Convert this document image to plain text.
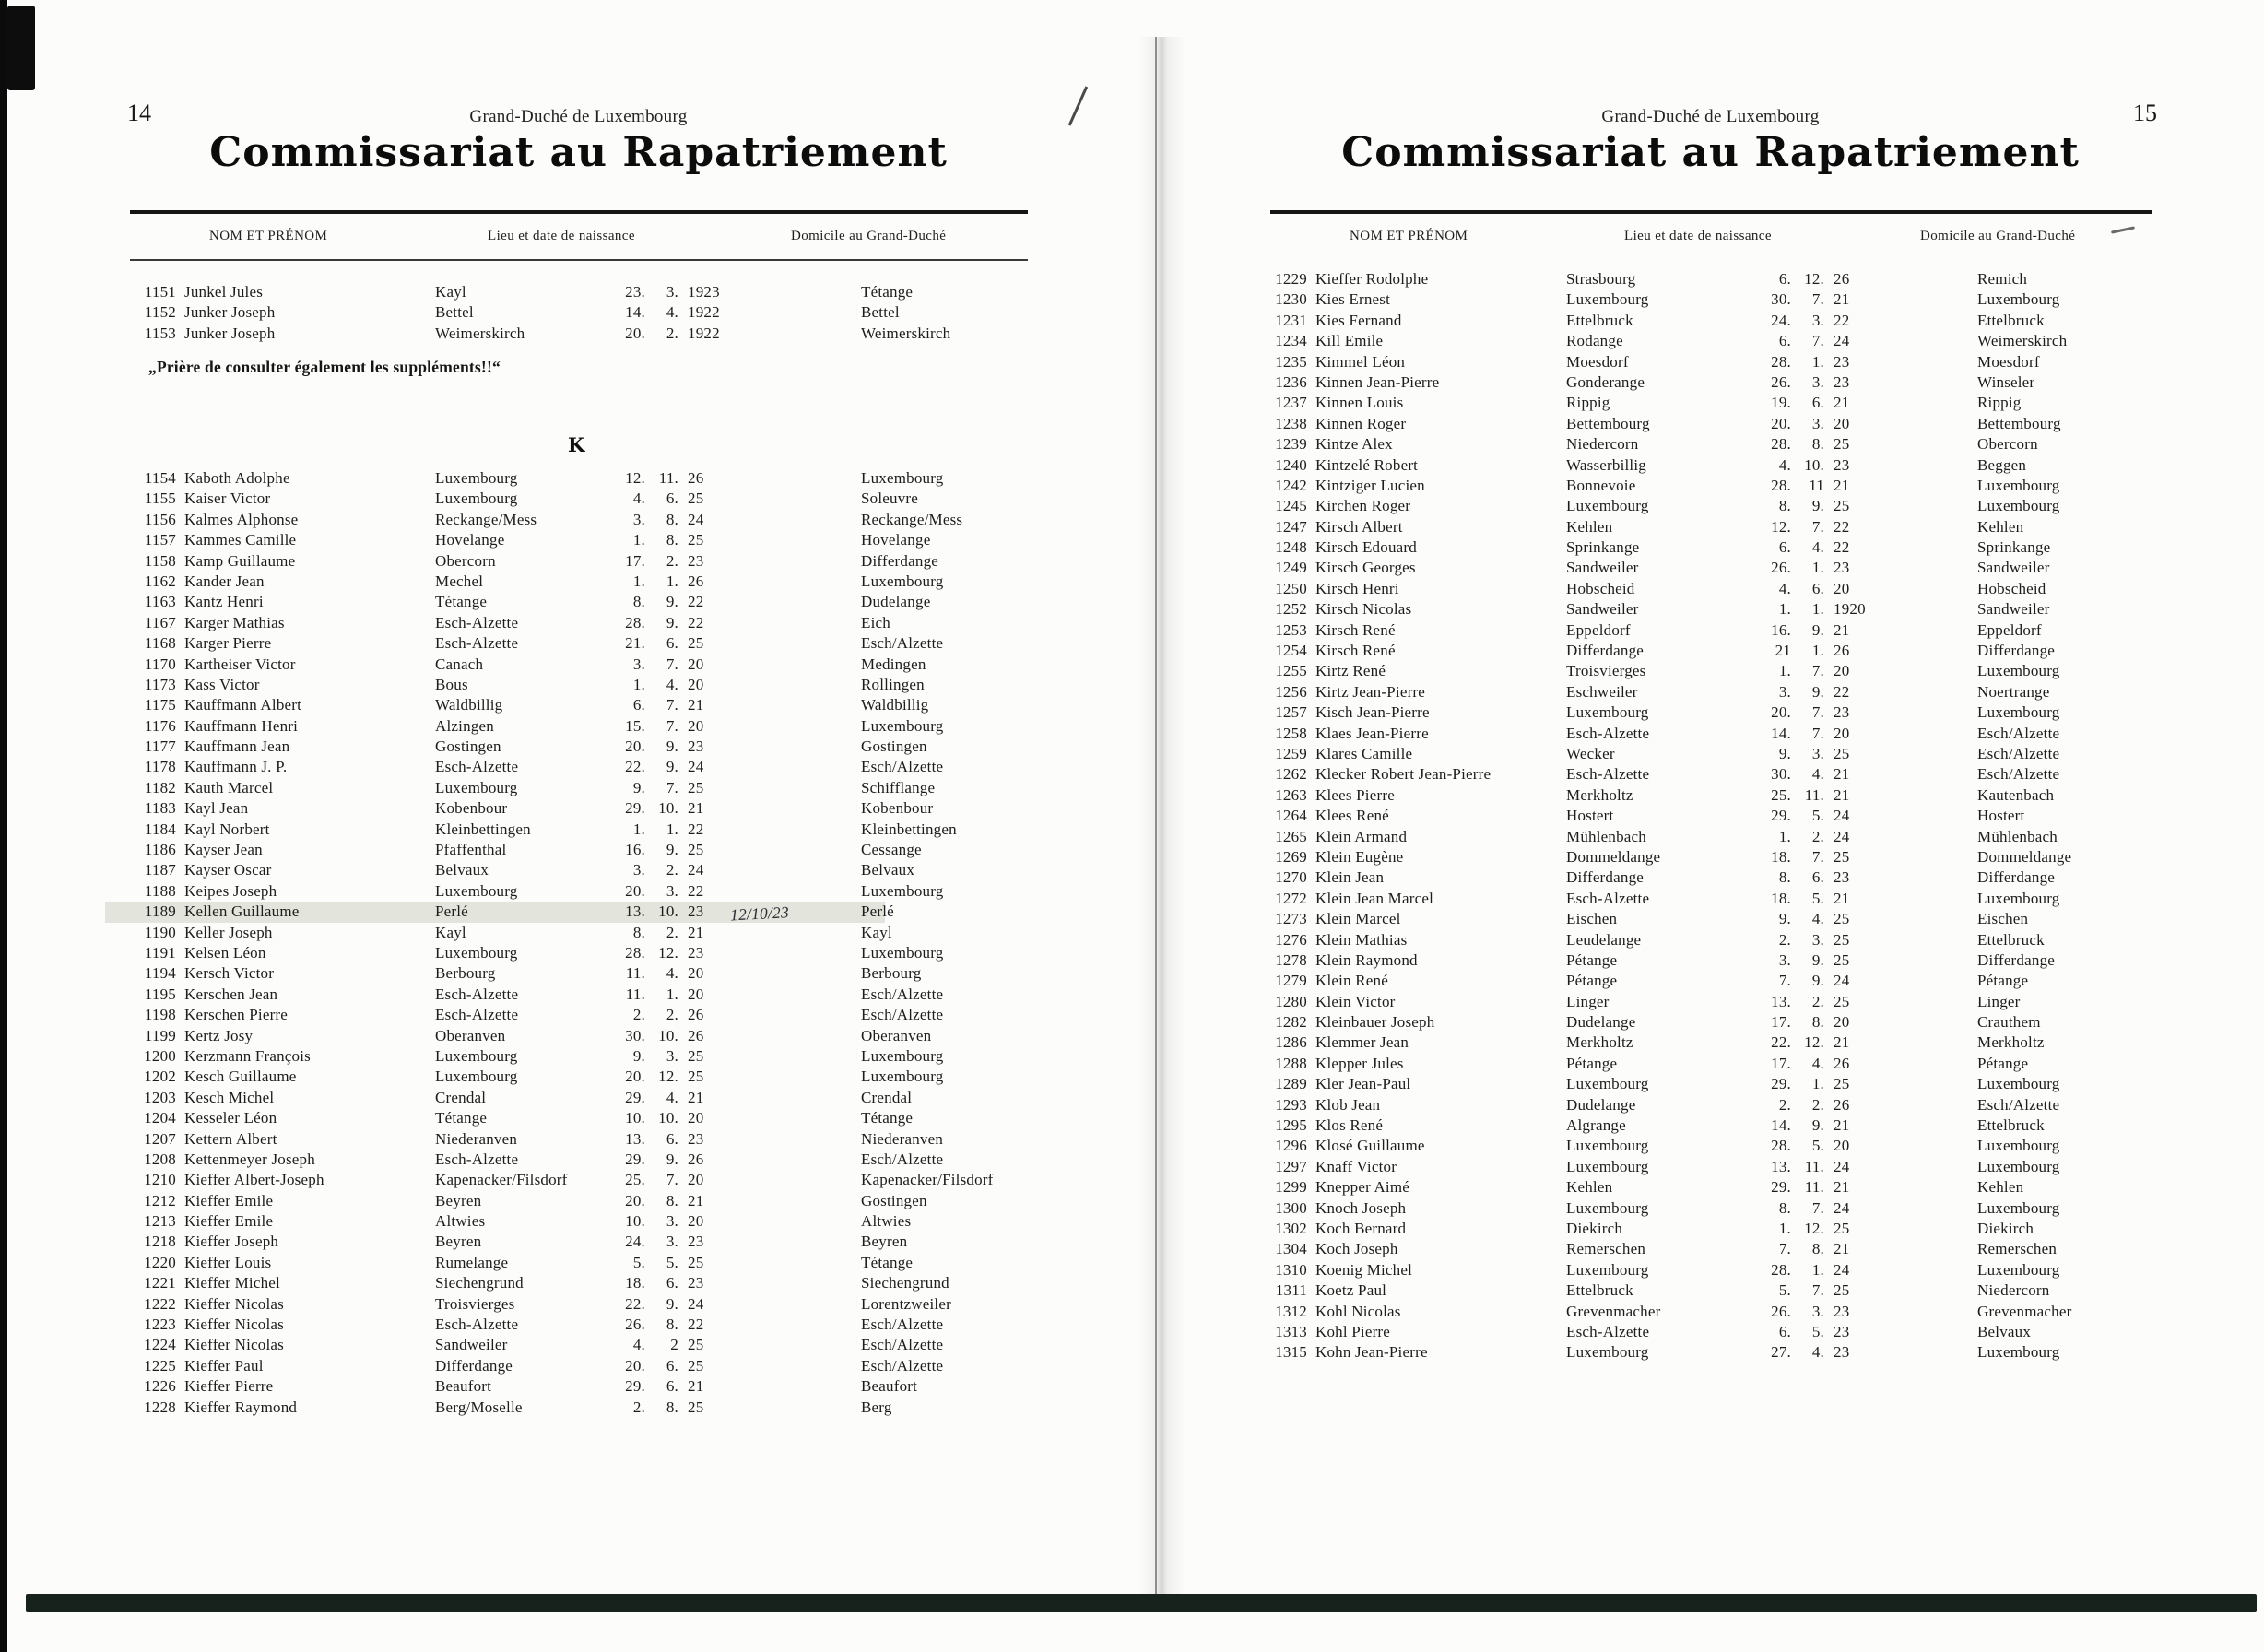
14	Grand-Duché de Luxembourg
Commissariat au Rapatriement
NOM ET PRÉNOM	Lieu et date de naissance	Domicile au Grand-Duché
1151 Junkel Jules	Kayl	23.	3. 1923	Tétange
1152 Junker Joseph	Bettel	14.	4. 1922	Bettel
1153 Junker Joseph	Weimerskirch	20.	2. 1922	Weimerskirch

„Prière de consulter également les suppléments!!“

K
1154 Kaboth Adolphe	Luxembourg	12. 11. 26	Luxembourg
1155 Kaiser Victor	Luxembourg	4.	6. 25	Soleuvre
1156 Kalmes Alphonse	Reckange/Mess	3.	8. 24	Reckange/Mess
1157 Kammes Camille	Hovelange	1.	8. 25	Hovelange
1158 Kamp Guillaume	Obercorn	17.	2. 23	Differdange
1162 Kander Jean	Mechel	1.	1. 26	Luxembourg
1163 Kantz Henri	Tétange	8.	9. 22	Dudelange
1167 Karger Mathias	Esch-Alzette	28.	9. 22	Eich
1168 Karger Pierre	Esch-Alzette	21.	6. 25	Esch/Alzette
1170 Kartheiser Victor	Canach	3.	7. 20	Medingen
1173 Kass Victor	Bous	1.	4. 20	Rollingen
1175 Kauffmann Albert	Waldbillig	6.	7. 21	Waldbillig
1176 Kauffmann Henri	Alzingen	15.	7. 20	Luxembourg
1177 Kauffmann Jean	Gostingen	20.	9. 23	Gostingen
1178 Kauffmann J. P.	Esch-Alzette	22.	9. 24	Esch/Alzette
1182 Kauth Marcel	Luxembourg	9.	7. 25	Schifflange
1183 Kayl Jean	Kobenbour	29. 10. 21	Kobenbour
1184 Kayl Norbert	Kleinbettingen	1.	1. 22	Kleinbettingen
1186 Kayser Jean	Pfaffenthal	16.	9. 25	Cessange
1187 Kayser Oscar	Belvaux	3.	2. 24	Belvaux
1188 Keipes Joseph	Luxembourg	20.	3. 22	Luxembourg
1189 Kellen Guillaume	Perlé	13. 10. 23	12/10/23	Perlé
1190 Keller Joseph	Kayl	8.	2. 21	Kayl
1191 Kelsen Léon	Luxembourg	28. 12. 23	Luxembourg
1194 Kersch Victor	Berbourg	11.	4. 20	Berbourg
1195 Kerschen Jean	Esch-Alzette	11.	1. 20	Esch/Alzette
1198 Kerschen Pierre	Esch-Alzette	2.	2. 26	Esch/Alzette
1199 Kertz Josy	Oberanven	30. 10. 26	Oberanven
1200 Kerzmann François	Luxembourg	9.	3. 25	Luxembourg
1202 Kesch Guillaume	Luxembourg	20. 12. 25	Luxembourg
1203 Kesch Michel	Crendal	29.	4. 21	Crendal
1204 Kesseler Léon	Tétange	10. 10. 20	Tétange
1207 Kettern Albert	Niederanven	13.	6. 23	Niederanven
1208 Kettenmeyer Joseph	Esch-Alzette	29.	9. 26	Esch/Alzette
1210 Kieffer Albert-Joseph	Kapenacker/Filsdorf	25.	7. 20	Kapenacker/Filsdorf
1212 Kieffer Emile	Beyren	20.	8. 21	Gostingen
1213 Kieffer Emile	Altwies	10.	3. 20	Altwies
1218 Kieffer Joseph	Beyren	24.	3. 23	Beyren
1220 Kieffer Louis	Rumelange	5.	5. 25	Tétange
1221 Kieffer Michel	Siechengrund	18.	6. 23	Siechengrund
1222 Kieffer Nicolas	Troisvierges	22.	9. 24	Lorentzweiler
1223 Kieffer Nicolas	Esch-Alzette	26.	8. 22	Esch/Alzette
1224 Kieffer Nicolas	Sandweiler	4.	2 25	Esch/Alzette
1225 Kieffer Paul	Differdange	20.	6. 25	Esch/Alzette
1226 Kieffer Pierre	Beaufort	29.	6. 21	Beaufort
1228 Kieffer Raymond	Berg/Moselle	2.	8. 25	Berg
15
Grand-Duché de Luxembourg
Commissariat au Rapatriement
NOM ET PRÉNOM	Lieu et date de naissance	Domicile au Grand-Duché
1229 Kieffer Rodolphe	Strasbourg	6. 12. 26	Remich
1230 Kies Ernest	Luxembourg	30.	7. 21	Luxembourg
1231 Kies Fernand	Ettelbruck	24.	3. 22	Ettelbruck
1234 Kill Emile	Rodange	6.	7. 24	Weimerskirch
1235 Kimmel Léon	Moesdorf	28.	1. 23	Moesdorf
1236 Kinnen Jean-Pierre	Gonderange	26.	3. 23	Winseler
1237 Kinnen Louis	Rippig	19.	6. 21	Rippig
1238 Kinnen Roger	Bettembourg	20.	3. 20	Bettembourg
1239 Kintze Alex	Niedercorn	28.	8. 25	Obercorn
1240 Kintzelé Robert	Wasserbillig	4. 10. 23	Beggen
1242 Kintziger Lucien	Bonnevoie	28.	11 21	Luxembourg
1245 Kirchen Roger	Luxembourg	8.	9. 25	Luxembourg
1247 Kirsch Albert	Kehlen	12.	7. 22	Kehlen
1248 Kirsch Edouard	Sprinkange	6.	4. 22	Sprinkange
1249 Kirsch Georges	Sandweiler	26.	1. 23	Sandweiler
1250 Kirsch Henri	Hobscheid	4.	6. 20	Hobscheid
1252 Kirsch Nicolas	Sandweiler	1.	1. 1920	Sandweiler
1253 Kirsch René	Eppeldorf	16.	9. 21	Eppeldorf
1254 Kirsch René	Differdange	21	1. 26	Differdange
1255 Kirtz René	Troisvierges	1.	7. 20	Luxembourg
1256 Kirtz Jean-Pierre	Eschweiler	3.	9. 22	Noertrange
1257 Kisch Jean-Pierre	Luxembourg	20.	7. 23	Luxembourg
1258 Klaes Jean-Pierre	Esch-Alzette	14.	7. 20	Esch/Alzette
1259 Klares Camille	Wecker	9.	3. 25	Esch/Alzette
1262 Klecker Robert Jean-Pierre	Esch-Alzette	30.	4. 21	Esch/Alzette
1263 Klees Pierre	Merkholtz	25. 11. 21	Kautenbach
1264 Klees René	Hostert	29.	5. 24	Hostert
1265 Klein Armand	Mühlenbach	1.	2. 24	Mühlenbach
1269 Klein Eugène	Dommeldange	18.	7. 25	Dommeldange
1270 Klein Jean	Differdange	8.	6. 23	Differdange
1272 Klein Jean Marcel	Esch-Alzette	18.	5. 21	Luxembourg
1273 Klein Marcel	Eischen	9.	4. 25	Eischen
1276 Klein Mathias	Leudelange	2.	3. 25	Ettelbruck
1278 Klein Raymond	Pétange	3.	9. 25	Differdange
1279 Klein René	Pétange	7.	9. 24	Pétange
1280 Klein Victor	Linger	13.	2. 25	Linger
1282 Kleinbauer Joseph	Dudelange	17.	8. 20	Crauthem
1286 Klemmer Jean	Merkholtz	22. 12. 21	Merkholtz
1288 Klepper Jules	Pétange	17.	4. 26	Pétange
1289 Kler Jean-Paul	Luxembourg	29.	1. 25	Luxembourg
1293 Klob Jean	Dudelange	2.	2. 26	Esch/Alzette
1295 Klos René	Algrange	14.	9. 21	Ettelbruck
1296 Klosé Guillaume	Luxembourg	28.	5. 20	Luxembourg
1297 Knaff Victor	Luxembourg	13. 11. 24	Luxembourg
1299 Knepper Aimé	Kehlen	29. 11. 21	Kehlen
1300 Knoch Joseph	Luxembourg	8.	7. 24	Luxembourg
1302 Koch Bernard	Diekirch	1. 12. 25	Diekirch
1304 Koch Joseph	Remerschen	7.	8. 21	Remerschen
1310 Koenig Michel	Luxembourg	28.	1. 24	Luxembourg
1311 Koetz Paul	Ettelbruck	5.	7. 25	Niedercorn
1312 Kohl Nicolas	Grevenmacher	26.	3. 23	Grevenmacher
1313 Kohl Pierre	Esch-Alzette	6.	5. 23	Belvaux
1315 Kohn Jean-Pierre	Luxembourg	27.	4. 23	Luxembourg
